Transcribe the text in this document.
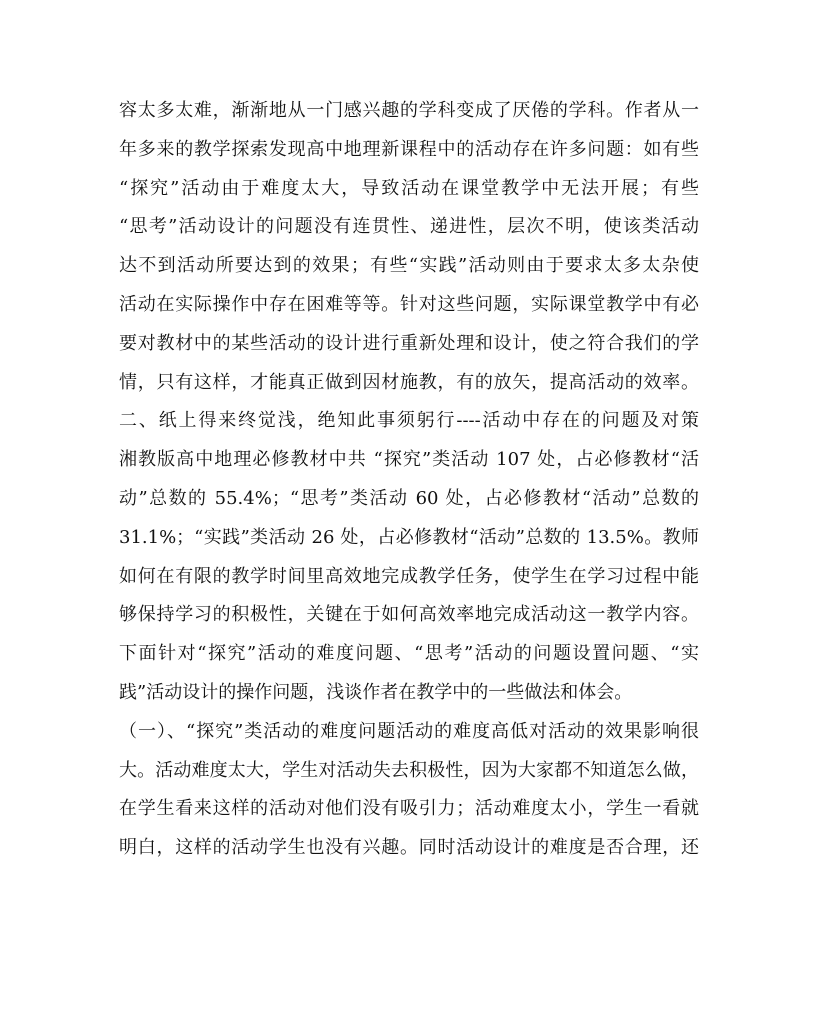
容太多太难，渐渐地从一门感兴趣的学科变成了厌倦的学科。作者从一
年多来的教学探索发现高中地理新课程中的活动存在许多问题：如有些
“探究”活动由于难度太大，导致活动在课堂教学中无法开展；有些
“思考”活动设计的问题没有连贯性、递进性，层次不明，使该类活动
达不到活动所要达到的效果；有些“实践”活动则由于要求太多太杂使
活动在实际操作中存在困难等等。针对这些问题，实际课堂教学中有必
要对教材中的某些活动的设计进行重新处理和设计，使之符合我们的学
情，只有这样，才能真正做到因材施教，有的放矢，提高活动的效率。
二、纸上得来终觉浅，绝知此事须躬行----活动中存在的问题及对策
湘教版高中地理必修教材中共 “探究”类活动 107 处，占必修教材“活
动”总数的 55.4%；“思考”类活动 60 处，占必修教材“活动”总数的
31.1%；“实践”类活动 26 处，占必修教材“活动”总数的 13.5%。教师
如何在有限的教学时间里高效地完成教学任务，使学生在学习过程中能
够保持学习的积极性，关键在于如何高效率地完成活动这一教学内容。
下面针对“探究”活动的难度问题、“思考”活动的问题设置问题、“实
践”活动设计的操作问题，浅谈作者在教学中的一些做法和体会。
（一）、“探究”类活动的难度问题活动的难度高低对活动的效果影响很
大。活动难度太大，学生对活动失去积极性，因为大家都不知道怎么做，
在学生看来这样的活动对他们没有吸引力；活动难度太小，学生一看就
明白，这样的活动学生也没有兴趣。同时活动设计的难度是否合理，还
